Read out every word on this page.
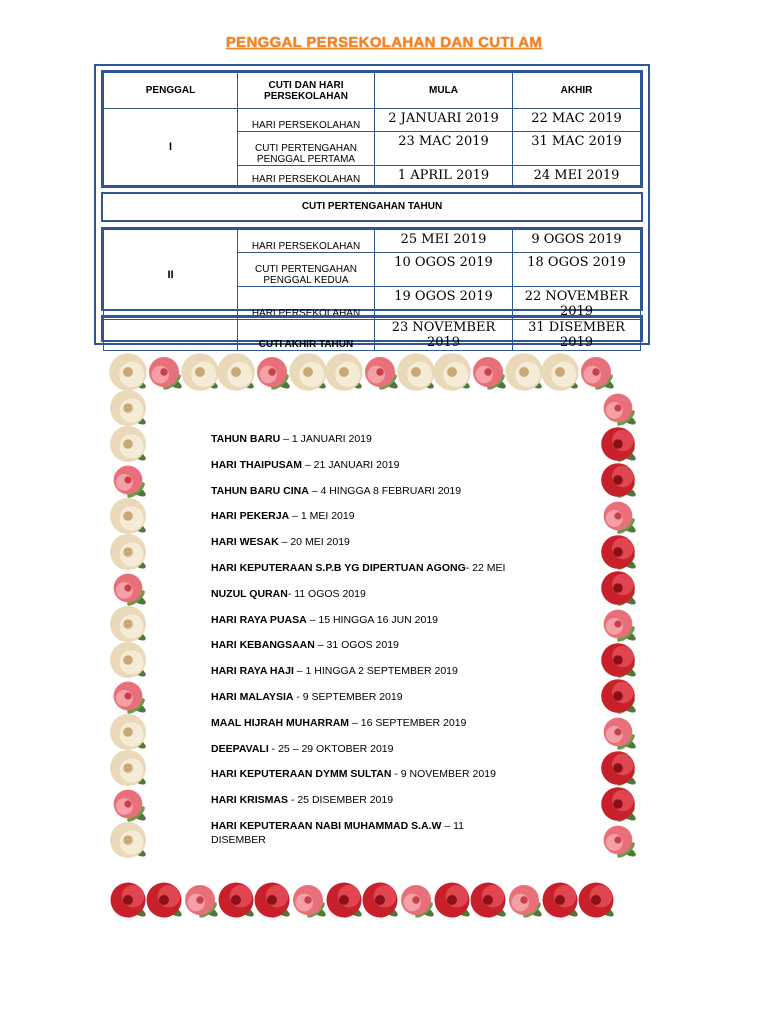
PENGGAL PERSEKOLAHAN DAN CUTI AM
PENGGAL	CUTI DAN HARI PERSEKOLAHAN	MULA	AKHIR
I	HARI PERSEKOLAHAN	2 JANUARI 2019	22 MAC 2019
	CUTI PERTENGAHAN PENGGAL PERTAMA	23 MAC 2019	31 MAC 2019
	HARI PERSEKOLAHAN	1 APRIL 2019	24 MEI 2019
CUTI PERTENGAHAN TAHUN
II	HARI PERSEKOLAHAN	25 MEI 2019	9 OGOS 2019
	CUTI PERTENGAHAN PENGGAL KEDUA	10 OGOS 2019	18 OGOS 2019
	HARI PERSEKOLAHAN	19 OGOS 2019	22 NOVEMBER 2019
	CUTI AKHIR TAHUN	23 NOVEMBER 2019	31 DISEMBER 2019
TAHUN BARU – 1 JANUARI 2019
HARI THAIPUSAM – 21 JANUARI 2019
TAHUN BARU CINA – 4 HINGGA 8 FEBRUARI 2019
HARI PEKERJA – 1 MEI 2019
HARI WESAK – 20 MEI 2019
HARI KEPUTERAAN S.P.B YG DIPERTUAN AGONG- 22 MEI
NUZUL QURAN- 11 OGOS 2019
HARI RAYA PUASA – 15 HINGGA 16 JUN 2019
HARI KEBANGSAAN – 31 OGOS 2019
HARI RAYA HAJI – 1 HINGGA 2 SEPTEMBER 2019
HARI MALAYSIA - 9 SEPTEMBER 2019
MAAL HIJRAH MUHARRAM – 16 SEPTEMBER 2019
DEEPAVALI - 25 – 29 OKTOBER 2019
HARI KEPUTERAAN DYMM SULTAN - 9 NOVEMBER 2019
HARI KRISMAS - 25 DISEMBER 2019
HARI KEPUTERAAN NABI MUHAMMAD S.A.W – 11 DISEMBER
